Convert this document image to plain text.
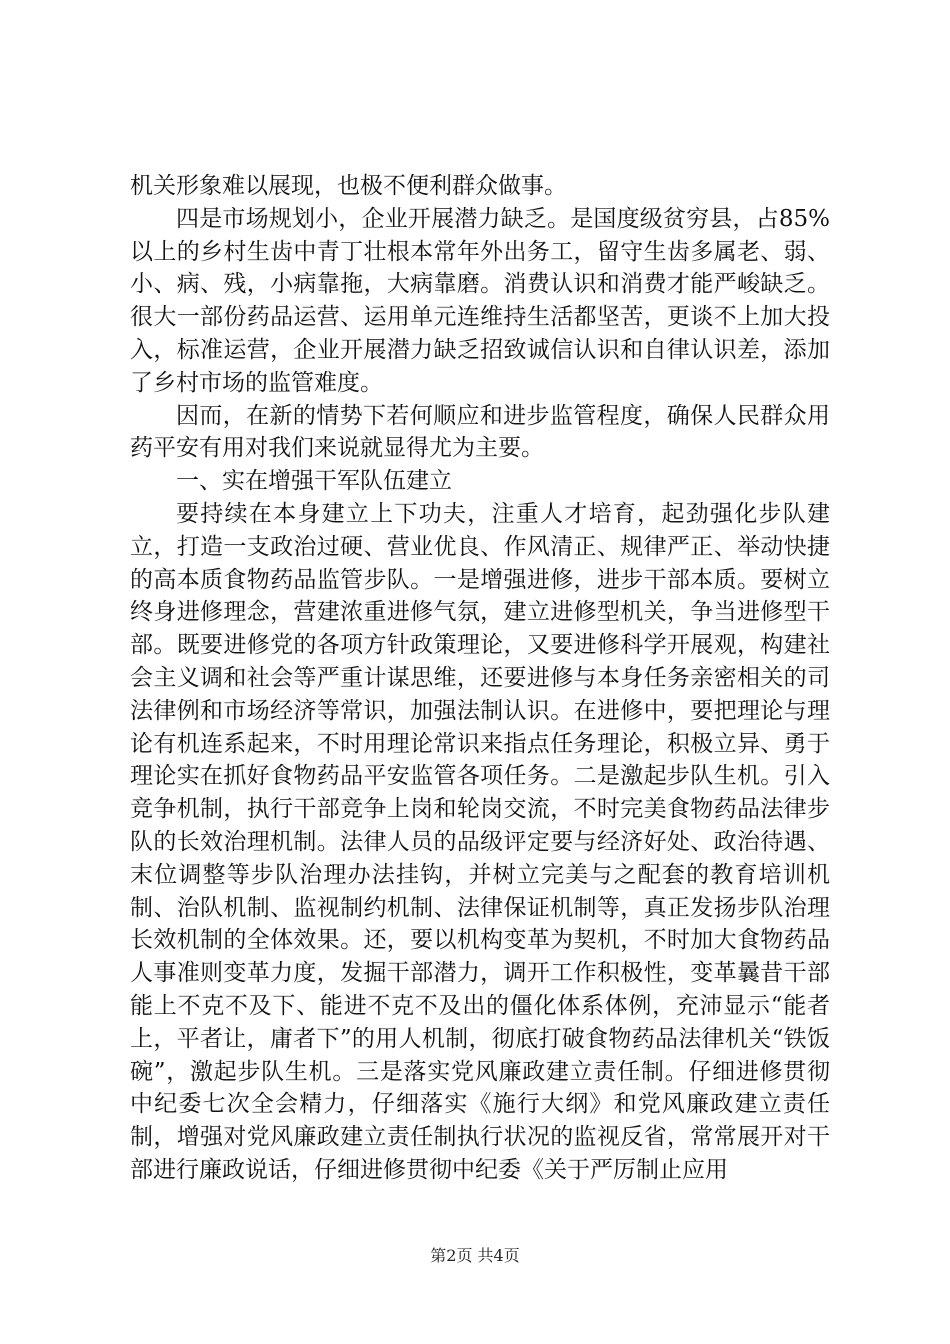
机关形象难以展现，也极不便利群众做事。

四是市场规划小，企业开展潜力缺乏。是国度级贫穷县，占85%以上的乡村生齿中青丁壮根本常年外出务工，留守生齿多属老、弱、小、病、残，小病靠拖，大病靠磨。消费认识和消费才能严峻缺乏。很大一部份药品运营、运用单元连维持生活都坚苦，更谈不上加大投入，标准运营，企业开展潜力缺乏招致诚信认识和自律认识差，添加了乡村市场的监管难度。

因而，在新的情势下若何顺应和进步监管程度，确保人民群众用药平安有用对我们来说就显得尤为主要。

一、实在增强干军队伍建立

要持续在本身建立上下功夫，注重人才培育，起劲强化步队建立，打造一支政治过硬、营业优良、作风清正、规律严正、举动快捷的高本质食物药品监管步队。一是增强进修，进步干部本质。要树立终身进修理念，营建浓重进修气氛，建立进修型机关，争当进修型干部。既要进修党的各项方针政策理论，又要进修科学开展观，构建社会主义调和社会等严重计谋思维，还要进修与本身任务亲密相关的司法律例和市场经济等常识，加强法制认识。在进修中，要把理论与理论有机连系起来，不时用理论常识来指点任务理论，积极立异、勇于理论实在抓好食物药品平安监管各项任务。二是激起步队生机。引入竞争机制，执行干部竞争上岗和轮岗交流，不时完美食物药品法律步队的长效治理机制。法律人员的品级评定要与经济好处、政治待遇、末位调整等步队治理办法挂钩，并树立完美与之配套的教育培训机制、治队机制、监视制约机制、法律保证机制等，真正发扬步队治理长效机制的全体效果。还，要以机构变革为契机，不时加大食物药品人事准则变革力度，发掘干部潜力，调开工作积极性，变革曩昔干部能上不克不及下、能进不克不及出的僵化体系体例，充沛显示“能者上，平者让，庸者下”的用人机制，彻底打破食物药品法律机关“铁饭碗”，激起步队生机。三是落实党风廉政建立责任制。仔细进修贯彻中纪委七次全会精力，仔细落实《施行大纲》和党风廉政建立责任制，增强对党风廉政建立责任制执行状况的监视反省，常常展开对干部进行廉政说话，仔细进修贯彻中纪委《关于严厉制止应用

第2页 共4页
